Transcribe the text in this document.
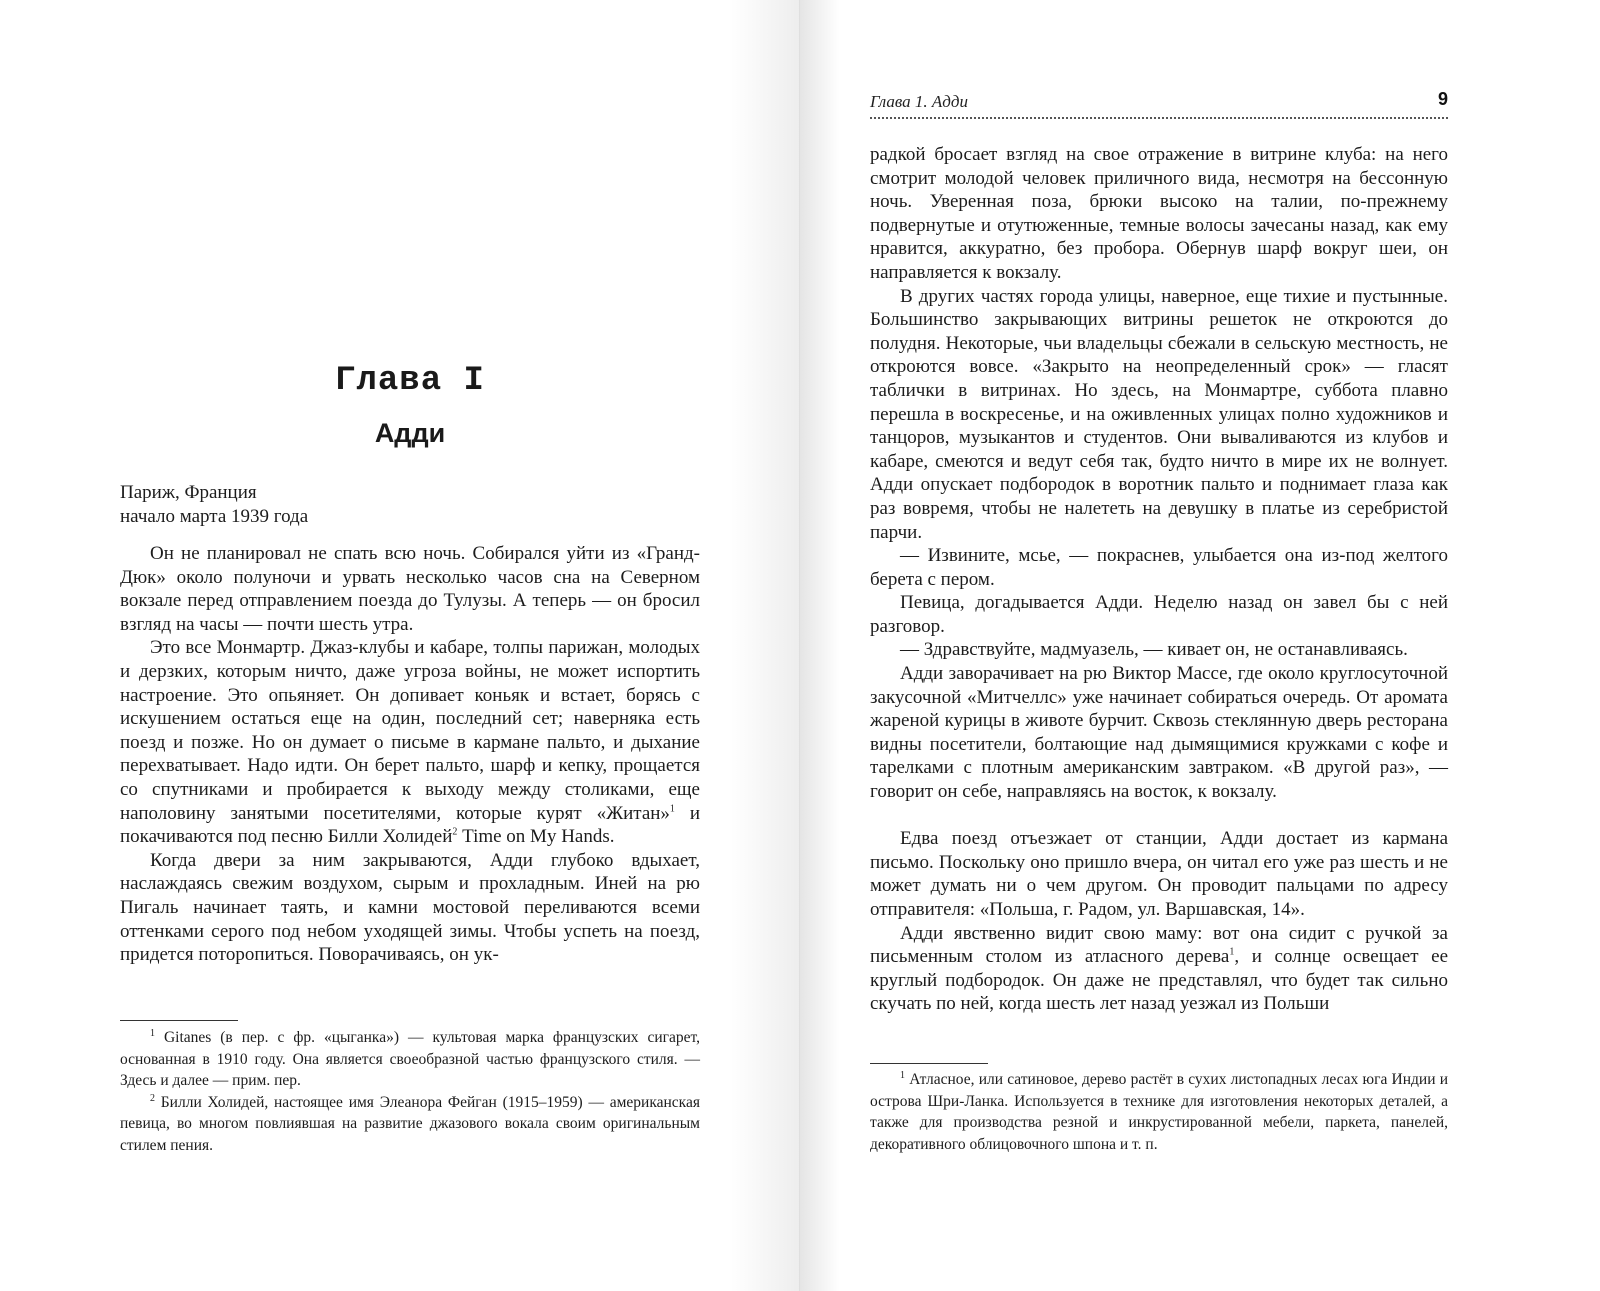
Глава I
Адди
Париж, Франция
начало марта 1939 года

Он не планировал не спать всю ночь. Собирался уйти из «Гранд-Дюк» около полуночи и урвать несколько часов сна на Северном вокзале перед отправлением поезда до Тулузы. А теперь — он бросил взгляд на часы — почти шесть утра.

Это все Монмартр. Джаз-клубы и кабаре, толпы парижан, молодых и дерзких, которым ничто, даже угроза войны, не может испортить настроение. Это опьяняет. Он допивает коньяк и встает, борясь с искушением остаться еще на один, последний сет; наверняка есть поезд и позже. Но он думает о письме в кармане пальто, и дыхание перехватывает. Надо идти. Он берет пальто, шарф и кепку, прощается со спутниками и пробирается к выходу между столиками, еще наполовину занятыми посетителями, которые курят «Житан»$^1$ и покачиваются под песню Билли Холидей$^2$ Time on My Hands.

Когда двери за ним закрываются, Адди глубоко вдыхает, наслаждаясь свежим воздухом, сырым и прохладным. Иней на рю Пигаль начинает таять, и камни мостовой переливаются всеми оттенками серого под небом уходящей зимы. Чтобы успеть на поезд, придется поторопиться. Поворачиваясь, он ук-

$^1$ Gitanes (в пер. с фр. «цыганка») — культовая марка французских сигарет, основанная в 1910 году. Она является своеобразной частью французского стиля. — Здесь и далее — прим. пер.

$^2$ Билли Холидей, настоящее имя Элеанора Фейган (1915–1959) — американская певица, во многом повлиявшая на развитие джазового вокала своим оригинальным стилем пения.

Глава 1. Адди	9

радкой бросает взгляд на свое отражение в витрине клуба: на него смотрит молодой человек приличного вида, несмотря на бессонную ночь. Уверенная поза, брюки высоко на талии, по-прежнему подвернутые и отутюженные, темные волосы зачесаны назад, как ему нравится, аккуратно, без пробора. Обернув шарф вокруг шеи, он направляется к вокзалу.

В других частях города улицы, наверное, еще тихие и пустынные. Большинство закрывающих витрины решеток не откроются до полудня. Некоторые, чьи владельцы сбежали в сельскую местность, не откроются вовсе. «Закрыто на неопределенный срок» — гласят таблички в витринах. Но здесь, на Монмартре, суббота плавно перешла в воскресенье, и на оживленных улицах полно художников и танцоров, музыкантов и студентов. Они вываливаются из клубов и кабаре, смеются и ведут себя так, будто ничто в мире их не волнует. Адди опускает подбородок в воротник пальто и поднимает глаза как раз вовремя, чтобы не налететь на девушку в платье из серебристой парчи.

— Извините, мсье, — покраснев, улыбается она из-под желтого берета с пером.

Певица, догадывается Адди. Неделю назад он завел бы с ней разговор.

— Здравствуйте, мадмуазель, — кивает он, не останавливаясь.

Адди заворачивает на рю Виктор Массе, где около круглосуточной закусочной «Митчеллс» уже начинает собираться очередь. От аромата жареной курицы в животе бурчит. Сквозь стеклянную дверь ресторана видны посетители, болтающие над дымящимися кружками с кофе и тарелками с плотным американским завтраком. «В другой раз», — говорит он себе, направляясь на восток, к вокзалу.

Едва поезд отъезжает от станции, Адди достает из кармана письмо. Поскольку оно пришло вчера, он читал его уже раз шесть и не может думать ни о чем другом. Он проводит пальцами по адресу отправителя: «Польша, г. Радом, ул. Варшавская, 14».

Адди явственно видит свою маму: вот она сидит с ручкой за письменным столом из атласного дерева$^1$, и солнце освещает ее круглый подбородок. Он даже не представлял, что будет так сильно скучать по ней, когда шесть лет назад уезжал из Польши

$^1$ Атласное, или сатиновое, дерево растёт в сухих листопадных лесах юга Индии и острова Шри-Ланка. Используется в технике для изготовления некоторых деталей, а также для производства резной и инкрустированной мебели, паркета, панелей, декоративного облицовочного шпона и т. п.
